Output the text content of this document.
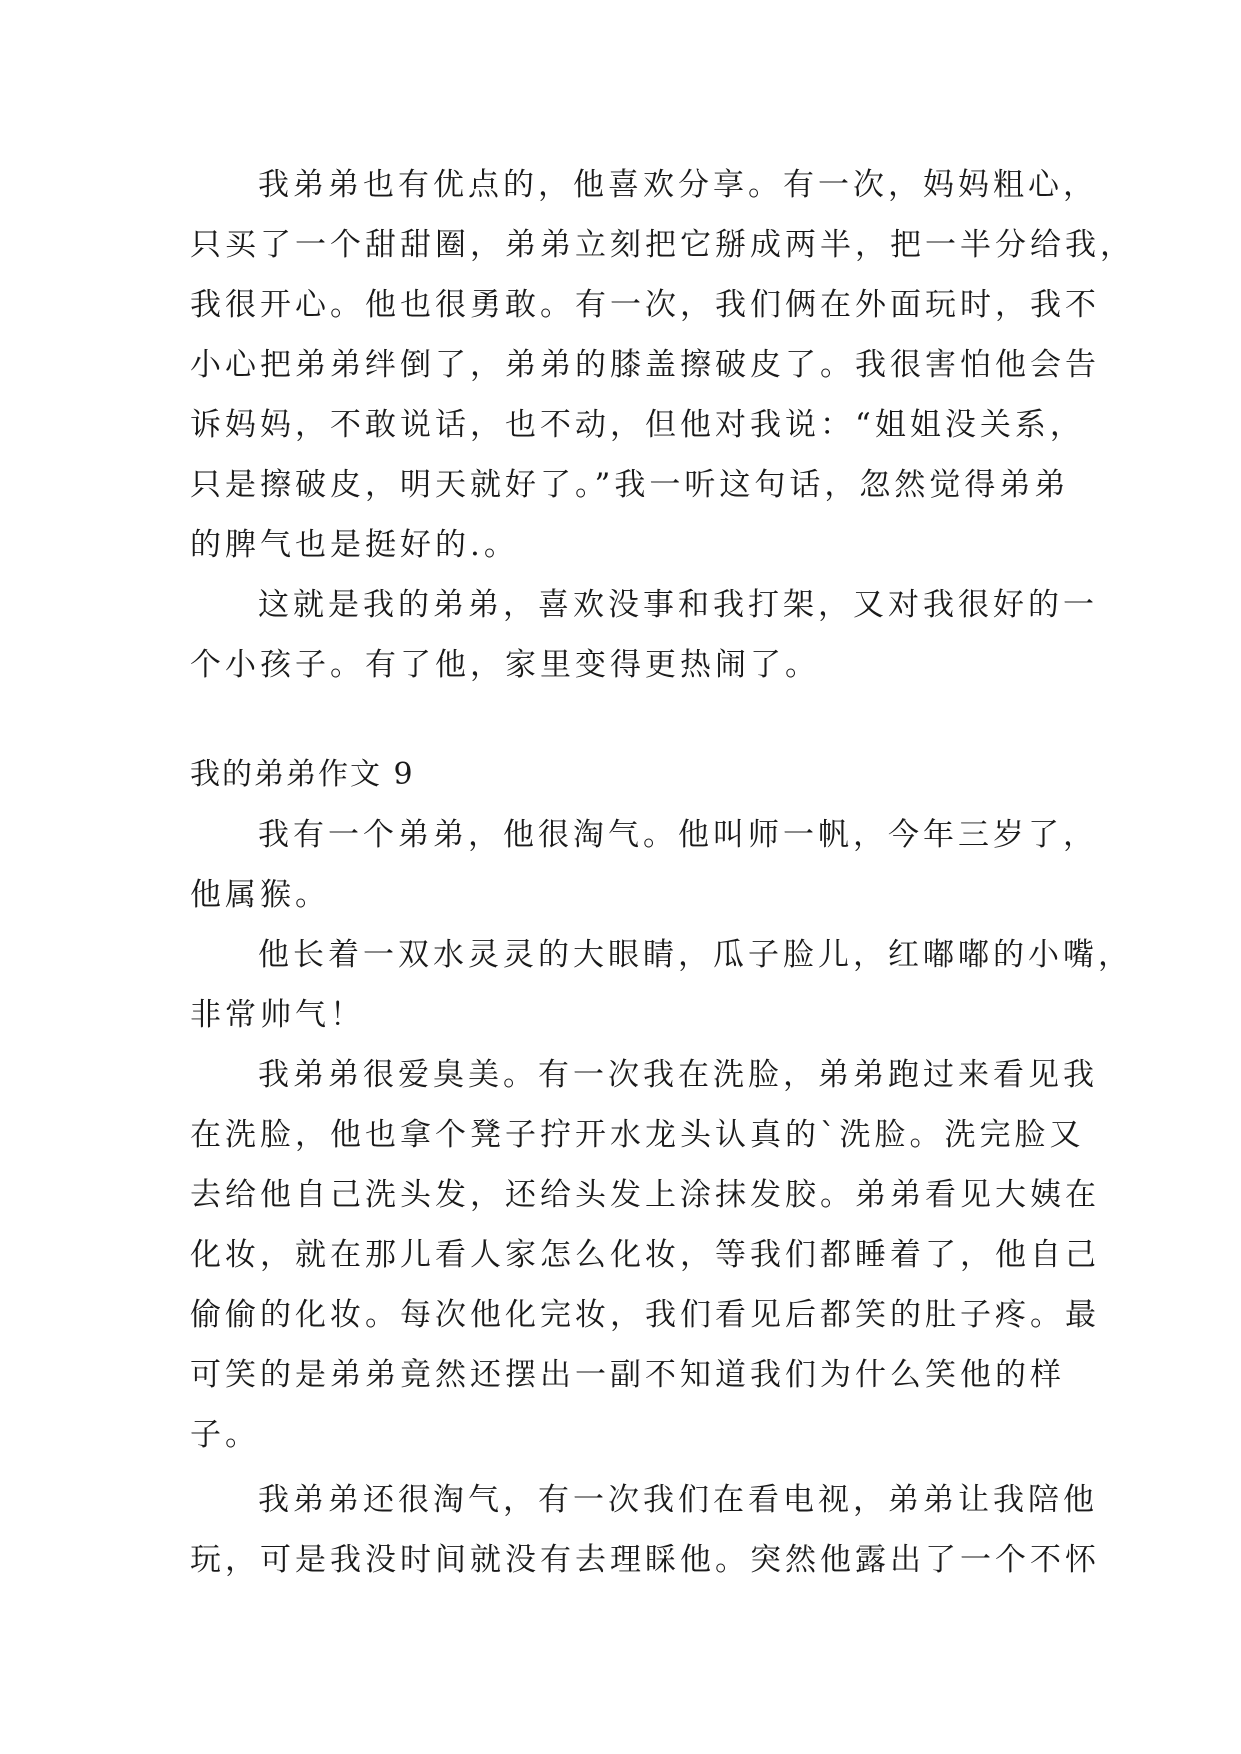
我弟弟也有优点的，他喜欢分享。有一次，妈妈粗心，
只买了一个甜甜圈，弟弟立刻把它掰成两半，把一半分给我，
我很开心。他也很勇敢。有一次，我们俩在外面玩时，我不
小心把弟弟绊倒了，弟弟的膝盖擦破皮了。我很害怕他会告
诉妈妈，不敢说话，也不动，但他对我说：“姐姐没关系，
只是擦破皮，明天就好了。”我一听这句话，忽然觉得弟弟
的脾气也是挺好的.。
这就是我的弟弟，喜欢没事和我打架，又对我很好的一
个小孩子。有了他，家里变得更热闹了。
我的弟弟作文 9
我有一个弟弟，他很淘气。他叫师一帆，今年三岁了，
他属猴。
他长着一双水灵灵的大眼睛，瓜子脸儿，红嘟嘟的小嘴，
非常帅气！
我弟弟很爱臭美。有一次我在洗脸，弟弟跑过来看见我
在洗脸，他也拿个凳子拧开水龙头认真的`洗脸。洗完脸又
去给他自己洗头发，还给头发上涂抹发胶。弟弟看见大姨在
化妆，就在那儿看人家怎么化妆，等我们都睡着了，他自己
偷偷的化妆。每次他化完妆，我们看见后都笑的肚子疼。最
可笑的是弟弟竟然还摆出一副不知道我们为什么笑他的样
子。
我弟弟还很淘气，有一次我们在看电视，弟弟让我陪他
玩，可是我没时间就没有去理睬他。突然他露出了一个不怀
